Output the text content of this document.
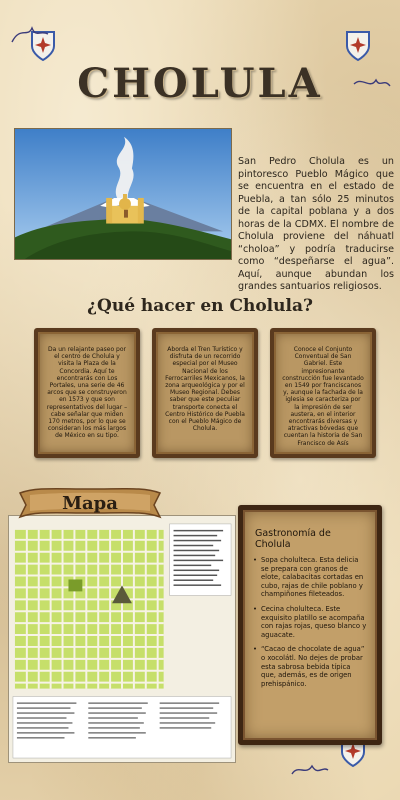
CHOLULA

San Pedro Cholula es un pintoresco Pueblo Mágico que se encuentra en el estado de Puebla, a tan sólo 25 minutos de la capital poblana y a dos horas de la CDMX. El nombre de Cholula proviene del náhuatl “choloa” y podría traducirse como “despeñarse el agua”. Aquí, aunque abundan los grandes santuarios religiosos.

¿Qué hacer en Cholula?

Da un relajante paseo por el centro de Cholula y visita la Plaza de la Concordia. Aquí te encontrarás con Los Portales, una serie de 46 arcos que se construyeron en 1573 y que son representativos del lugar –cabe señalar que miden 170 metros, por lo que se consideran los más largos de México en su tipo.

Aborda el Tren Turístico y disfruta de un recorrido especial por el Museo Nacional de los Ferrocarriles Mexicanos, la zona arqueológica y por el Museo Regional. Debes saber que este peculiar transporte conecta el Centro Histórico de Puebla con el Pueblo Mágico de Cholula.

Conoce el Conjunto Conventual de San Gabriel. Este impresionante construcción fue levantado en 1549 por franciscanos y, aunque la fachada de la iglesia se caracteriza por la impresión de ser austera, en el interior encontrarás diversas y atractivas bóvedas que cuentan la historia de San Francisco de Asís

Mapa
Gastronomía de Cholula
• Sopa cholulteca. Esta delicia se prepara con granos de elote, calabacitas cortadas en cubo, rajas de chile poblano y champiñones fileteados.
• Cecina cholulteca. Este exquisito platillo se acompaña con rajas rojas, queso blanco y aguacate.
• “Cacao de chocolate de agua” o xocolátl. No dejes de probar esta sabrosa bebida típica que, además, es de origen prehispánico.
